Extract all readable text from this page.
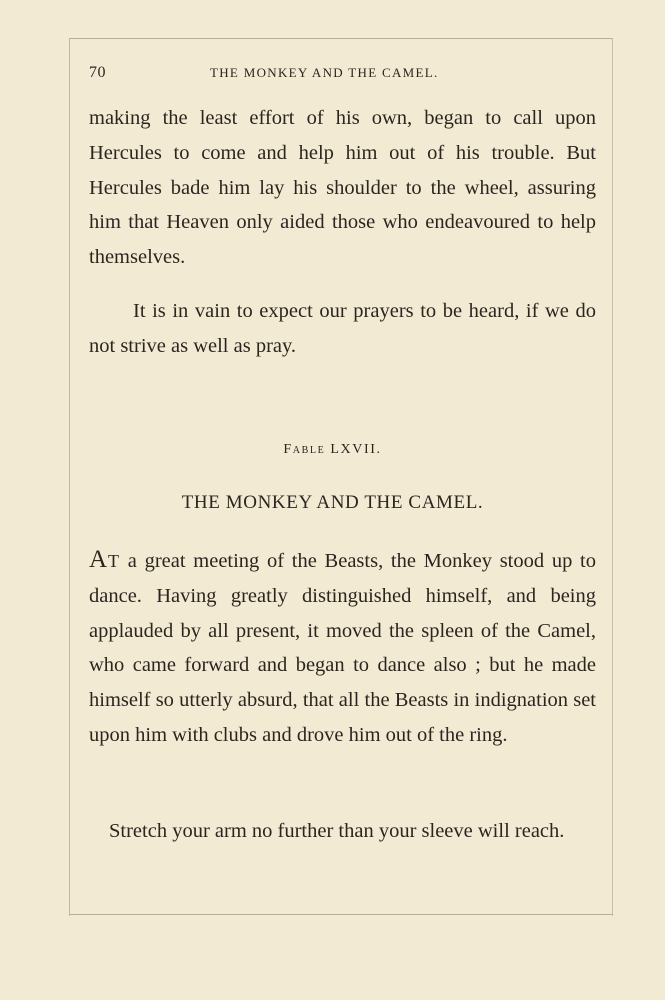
70	THE MONKEY AND THE CAMEL.
making the least effort of his own, began to call upon Hercules to come and help him out of his trouble. But Hercules bade him lay his shoulder to the wheel, assuring him that Heaven only aided those who endeavoured to help themselves.
It is in vain to expect our prayers to be heard, if we do not strive as well as pray.
Fable LXVII.
THE MONKEY AND THE CAMEL.
At a great meeting of the Beasts, the Monkey stood up to dance. Having greatly distinguished himself, and being applauded by all present, it moved the spleen of the Camel, who came forward and began to dance also ; but he made himself so utterly absurd, that all the Beasts in indignation set upon him with clubs and drove him out of the ring.
Stretch your arm no further than your sleeve will reach.
